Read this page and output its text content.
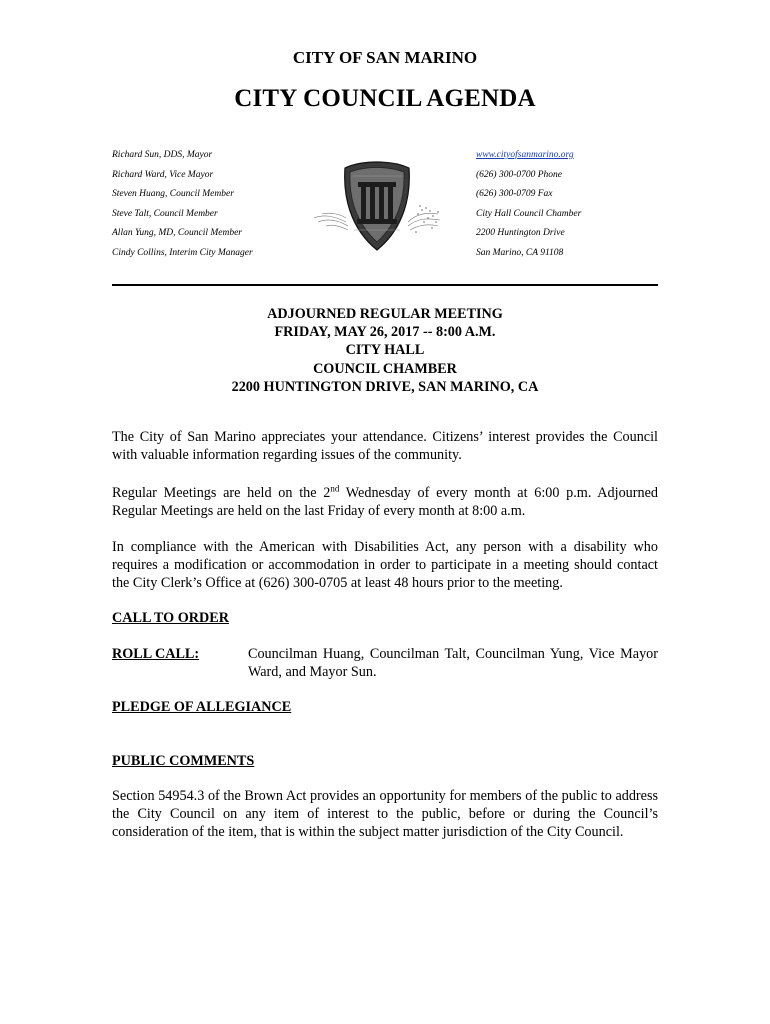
CITY OF SAN MARINO
CITY COUNCIL AGENDA
Richard Sun, DDS, Mayor
Richard Ward, Vice Mayor
Steven Huang, Council Member
Steve Talt, Council Member
Allan Yung, MD, Council Member
Cindy Collins, Interim City Manager
www.cityofsanmarino.org
(626) 300-0700 Phone
(626) 300-0709 Fax
City Hall Council Chamber
2200 Huntington Drive
San Marino, CA 91108
ADJOURNED REGULAR MEETING
FRIDAY, MAY 26, 2017 -- 8:00 A.M.
CITY HALL
COUNCIL CHAMBER
2200 HUNTINGTON DRIVE, SAN MARINO, CA
The City of San Marino appreciates your attendance. Citizens’ interest provides the Council with valuable information regarding issues of the community.
Regular Meetings are held on the 2nd Wednesday of every month at 6:00 p.m. Adjourned Regular Meetings are held on the last Friday of every month at 8:00 a.m.
In compliance with the American with Disabilities Act, any person with a disability who requires a modification or accommodation in order to participate in a meeting should contact the City Clerk’s Office at (626) 300-0705 at least 48 hours prior to the meeting.
CALL TO ORDER
ROLL CALL:	Councilman Huang, Councilman Talt, Councilman Yung, Vice Mayor Ward, and Mayor Sun.
PLEDGE OF ALLEGIANCE
PUBLIC COMMENTS
Section 54954.3 of the Brown Act provides an opportunity for members of the public to address the City Council on any item of interest to the public, before or during the Council’s consideration of the item, that is within the subject matter jurisdiction of the City Council.
